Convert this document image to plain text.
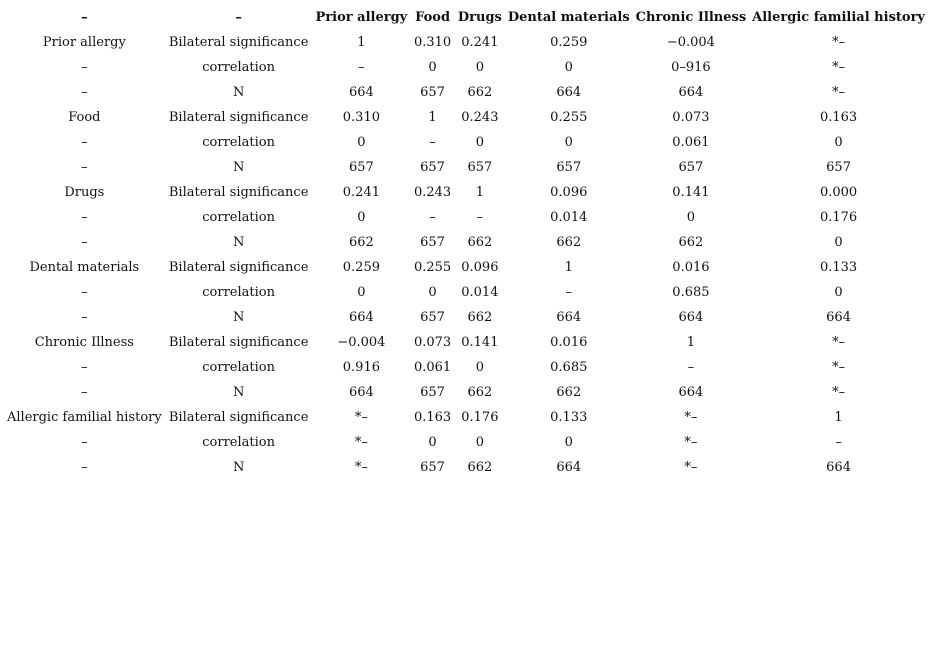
–	–	Prior allergy	Food	Drugs	Dental materials	Chronic Illness	Allergic familial history
Prior allergy	Bilateral significance	1	0.310	0.241	0.259	−0.004	*–
–	correlation	–	0	0	0	0–916	*–
–	N	664	657	662	664	664	*–
Food	Bilateral significance	0.310	1	0.243	0.255	0.073	0.163
–	correlation	0	–	0	0	0.061	0
–	N	657	657	657	657	657	657
Drugs	Bilateral significance	0.241	0.243	1	0.096	0.141	0.000
–	correlation	0	–	–	0.014	0	0.176
–	N	662	657	662	662	662	0
Dental materials	Bilateral significance	0.259	0.255	0.096	1	0.016	0.133
–	correlation	0	0	0.014	–	0.685	0
–	N	664	657	662	664	664	664
Chronic Illness	Bilateral significance	−0.004	0.073	0.141	0.016	1	*–
–	correlation	0.916	0.061	0	0.685	–	*–
–	N	664	657	662	662	664	*–
Allergic familial history	Bilateral significance	*–	0.163	0.176	0.133	*–	1
–	correlation	*–	0	0	0	*–	–
–	N	*–	657	662	664	*–	664
